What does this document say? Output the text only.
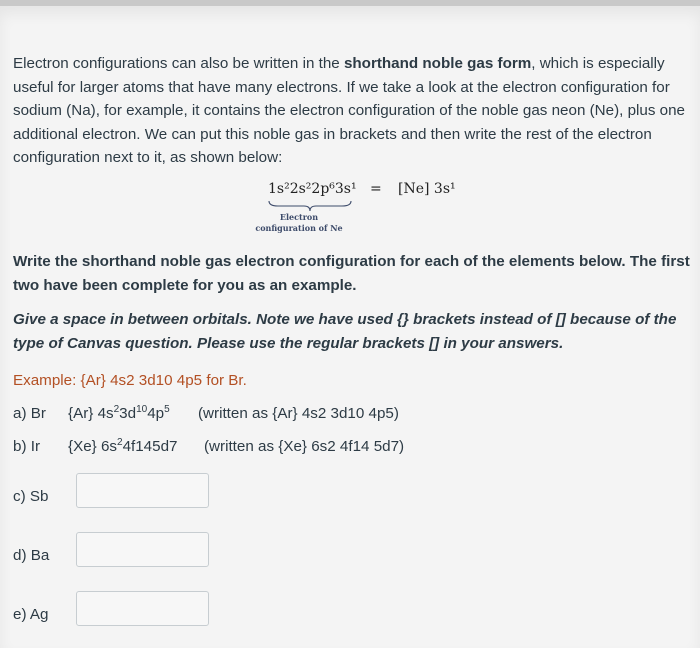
Electron configurations can also be written in the shorthand noble gas form, which is especially useful for larger atoms that have many electrons. If we take a look at the electron configuration for sodium (Na), for example, it contains the electron configuration of the noble gas neon (Ne), plus one additional electron. We can put this noble gas in brackets and then write the rest of the electron configuration next to it, as shown below:
1s²2s²2p⁶3s¹ = [Ne] 3s¹
Electron
configuration of Ne
Write the shorthand noble gas electron configuration for each of the elements below. The first two have been complete for you as an example.
Give a space in between orbitals. Note we have used {} brackets instead of [] because of the type of Canvas question. Please use the regular brackets [] in your answers.
Example: {Ar} 4s2 3d10 4p5 for Br.
a) Br {Ar} $4s^23d^{10}4p^5$ (written as {Ar} 4s2 3d10 4p5)
b) Ir {Xe} $6s^24f145d7$ (written as {Xe} 6s2 4f14 5d7)
c) Sb
d) Ba
e) Ag
